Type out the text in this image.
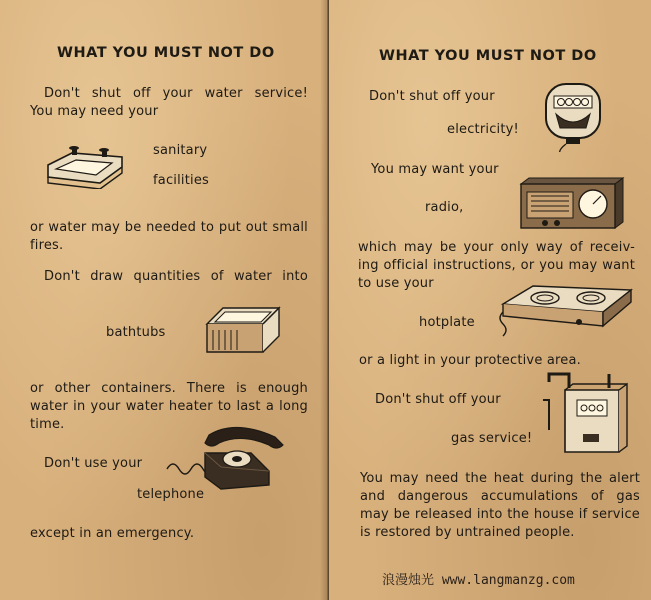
WHAT YOU MUST NOT DO
Don't shut off your water service!
You may need your
sanitary
facilities
or water may be needed to put out small
fires.
Don't draw quantities of water into
bathtubs
or other containers. There is enough
water in your water heater to last a long
time.
Don't use your
telephone
except in an emergency.
WHAT YOU MUST NOT DO
Don't shut off your
electricity!
You may want your
radio,
which may be your only way of receiv-
ing official instructions, or you may want
to use your
hotplate
or a light in your protective area.
Don't shut off your
gas service!
You may need the heat during the alert
and dangerous accumulations of gas
may be released into the house if service
is restored by untrained people.
浪漫烛光 www.langmanzg.com
